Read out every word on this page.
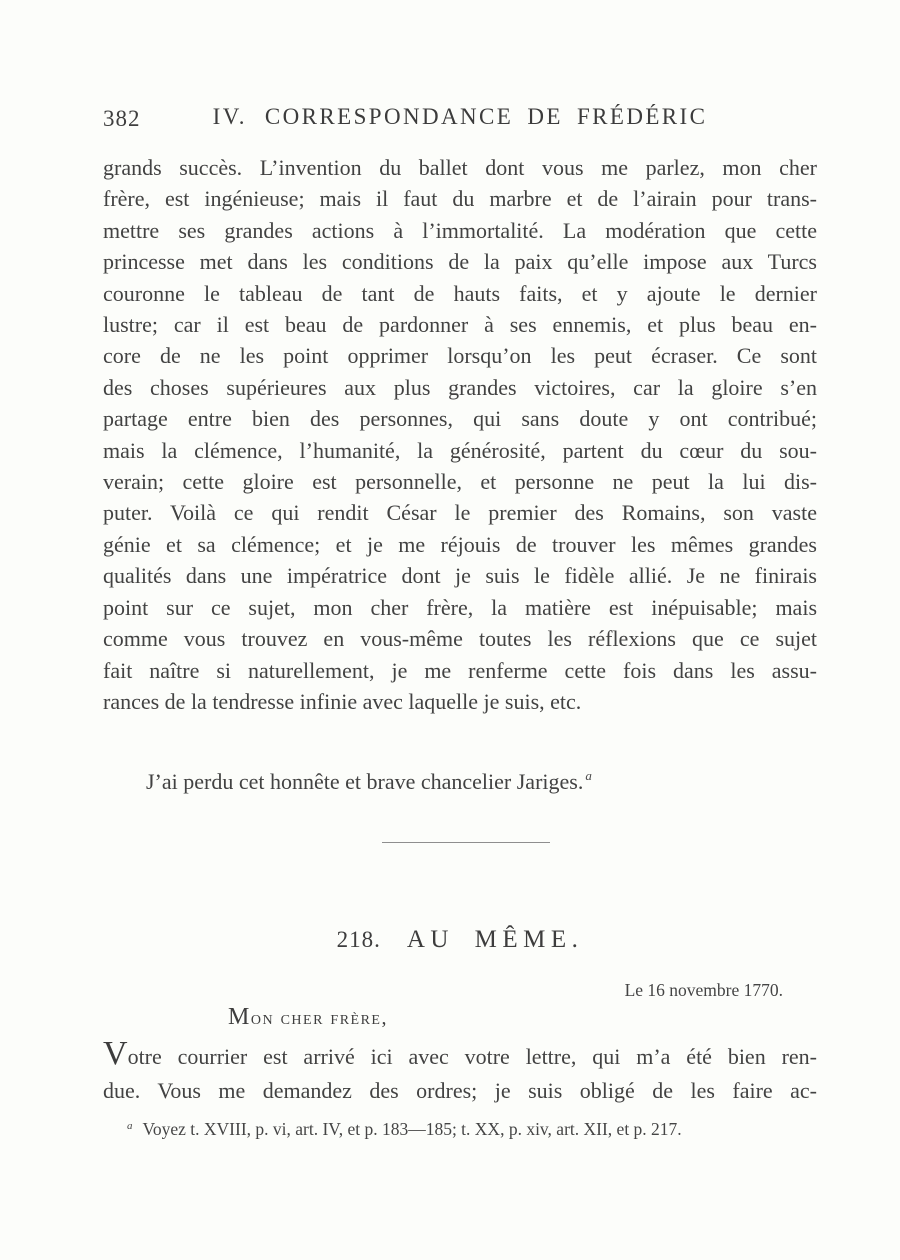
382	IV. CORRESPONDANCE DE FRÉDÉRIC
grands succès. L’invention du ballet dont vous me parlez, mon cher
frère, est ingénieuse; mais il faut du marbre et de l’airain pour trans-
mettre ses grandes actions à l’immortalité. La modération que cette
princesse met dans les conditions de la paix qu’elle impose aux Turcs
couronne le tableau de tant de hauts faits, et y ajoute le dernier
lustre; car il est beau de pardonner à ses ennemis, et plus beau en-
core de ne les point opprimer lorsqu’on les peut écraser. Ce sont
des choses supérieures aux plus grandes victoires, car la gloire s’en
partage entre bien des personnes, qui sans doute y ont contribué;
mais la clémence, l’humanité, la générosité, partent du cœur du sou-
verain; cette gloire est personnelle, et personne ne peut la lui dis-
puter. Voilà ce qui rendit César le premier des Romains, son vaste
génie et sa clémence; et je me réjouis de trouver les mêmes grandes
qualités dans une impératrice dont je suis le fidèle allié. Je ne finirais
point sur ce sujet, mon cher frère, la matière est inépuisable; mais
comme vous trouvez en vous-même toutes les réflexions que ce sujet
fait naître si naturellement, je me renferme cette fois dans les assu-
rances de la tendresse infinie avec laquelle je suis, etc.
J’ai perdu cet honnête et brave chancelier Jariges. $^a$
218. AU MÊME.
Le 16 novembre 1770.
Mon cher frère,
Votre courrier est arrivé ici avec votre lettre, qui m’a été bien ren-
due. Vous me demandez des ordres; je suis obligé de les faire ac-
$^a$ Voyez t. XVIII, p. vi, art. IV, et p. 183—185; t. XX, p. xiv, art. XII, et p. 217.
